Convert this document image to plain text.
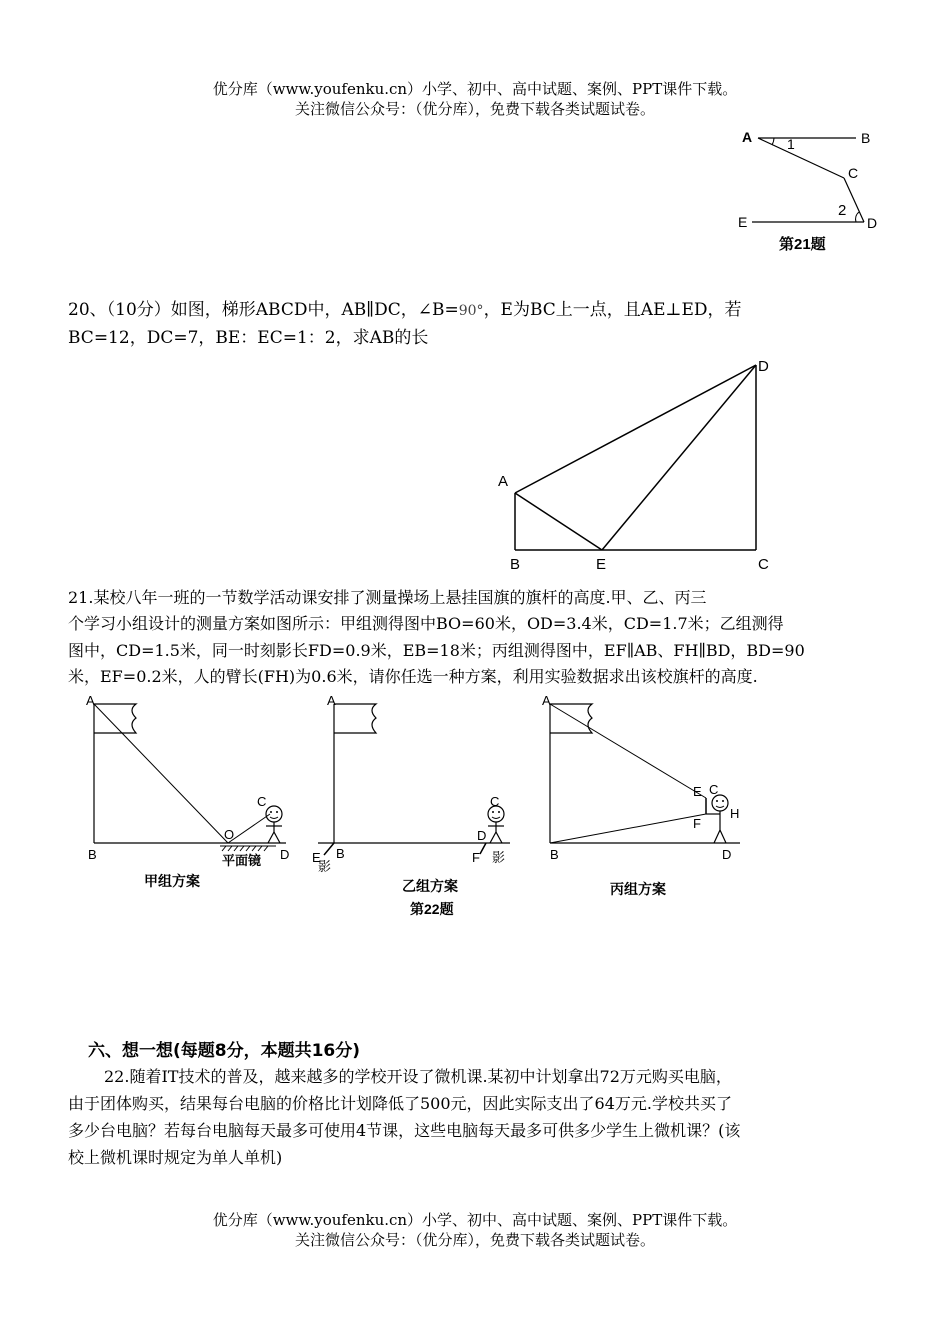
优分库（www.youfenku.cn）小学、初中、高中试题、案例、PPT课件下载。
关注微信公众号：（优分库），免费下载各类试题试卷。
A	B
C
D
E
1
2
第21题
20、（10分）如图，梯形ABCD中，AB∥DC，∠B=90°，E为BC上一点，且AE⊥ED，若
BC=12，DC=7，BE：EC=1：2，求AB的长
A
B	E	C
D
21.某校八年一班的一节数学活动课安排了测量操场上悬挂国旗的旗杆的高度.甲、乙、丙三
个学习小组设计的测量方案如图所示：甲组测得图中BO=60米，OD=3.4米，CD=1.7米；乙组测得
图中，CD=1.5米，同一时刻影长FD=0.9米，EB=18米；丙组测得图中，EF∥AB、FH∥BD，BD=90
米，EF=0.2米，人的臂长(FH)为0.6米，请你任选一种方案，利用实验数据求出该校旗杆的高度.
A
B
O
C
D
平面镜
甲组方案
A
B
E
影
C
D
F 影
乙组方案
第22题
A
B
E C
F
H
D
丙组方案
六、想一想(每题8分，本题共16分)
22.随着IT技术的普及，越来越多的学校开设了微机课.某初中计划拿出72万元购买电脑，
由于团体购买，结果每台电脑的价格比计划降低了500元，因此实际支出了64万元.学校共买了
多少台电脑？若每台电脑每天最多可使用4节课，这些电脑每天最多可供多少学生上微机课？(该
校上微机课时规定为单人单机)
优分库（www.youfenku.cn）小学、初中、高中试题、案例、PPT课件下载。
关注微信公众号：（优分库），免费下载各类试题试卷。
